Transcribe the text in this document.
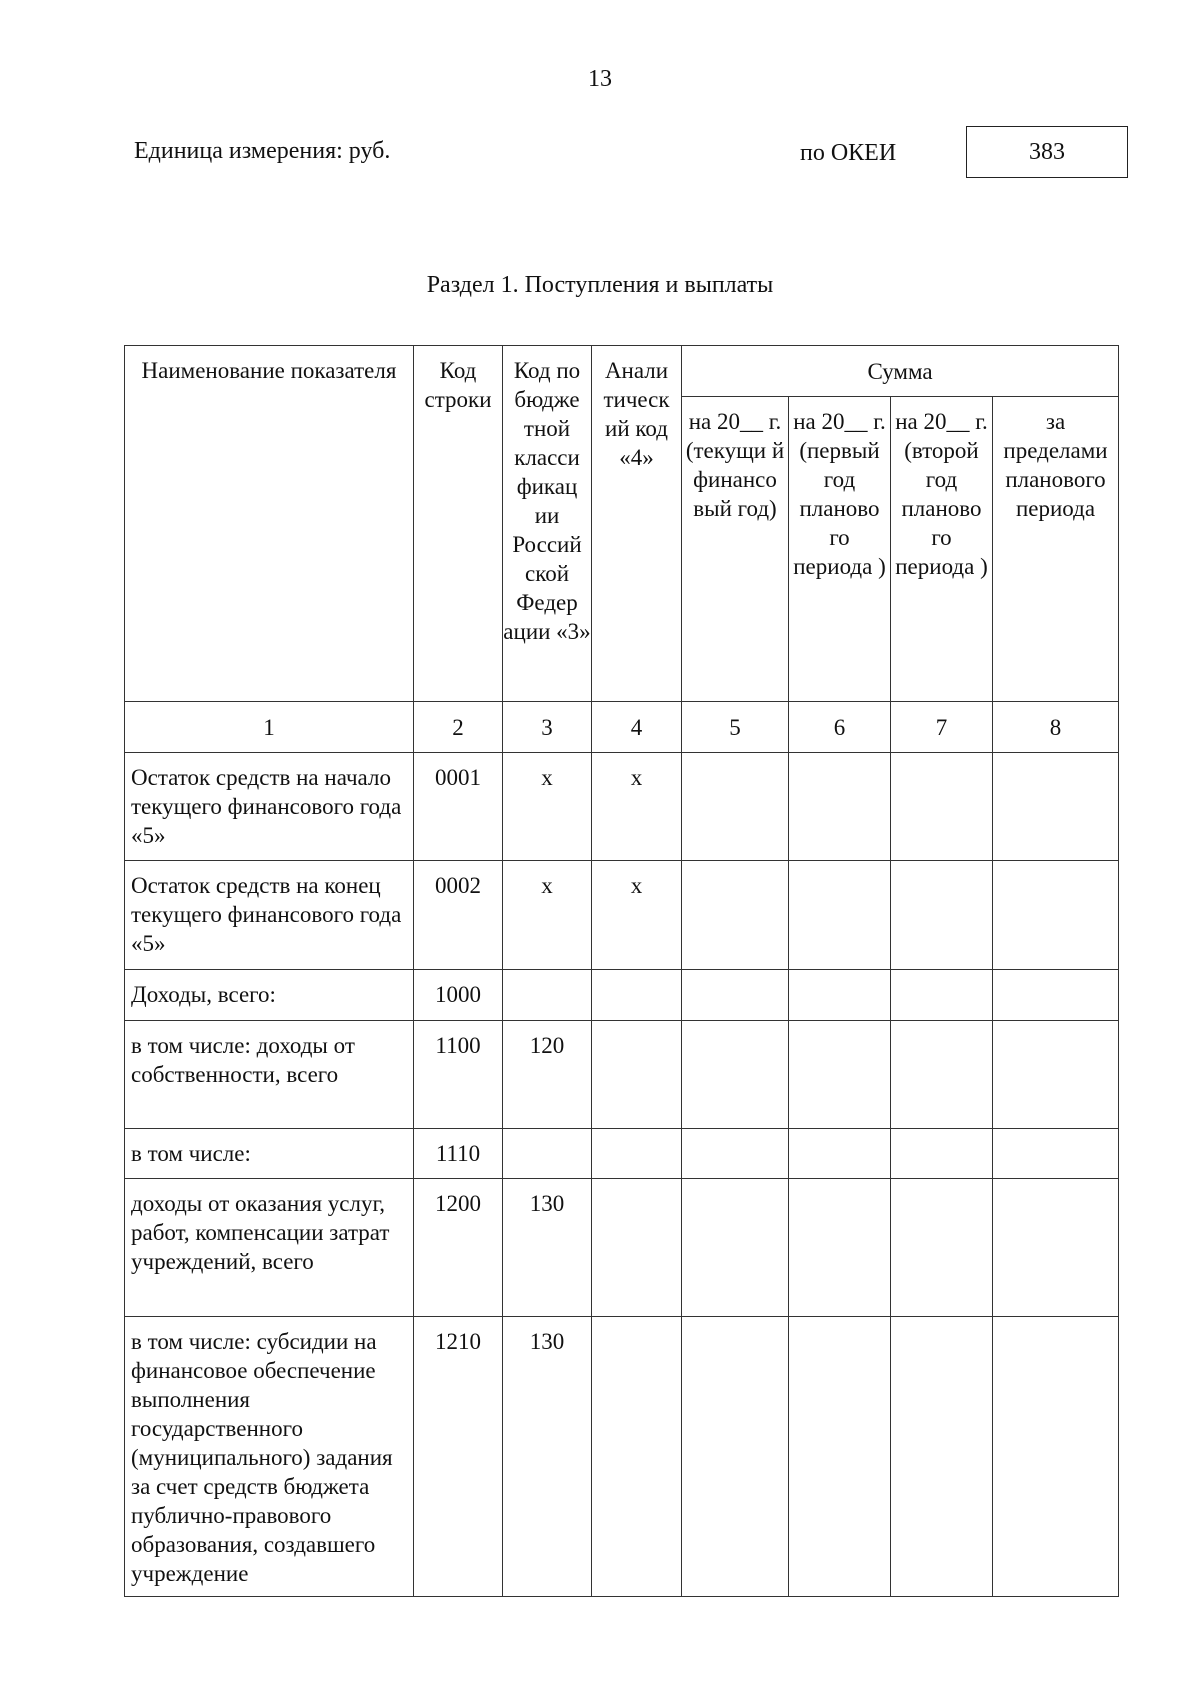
13
Единица измерения: руб.	по ОКЕИ	383
Раздел 1. Поступления и выплаты
Наименование показателя	Код строки	Код по бюдже тной класси фикац ии Россий ской Федер ации «3»	Анали тическ ий код «4»	Сумма			
				на 20__ г. (текущи й финансо вый год)	на 20__ г. (первый год планово го периода )	на 20__ г. (второй год планово го периода )	за пределами планового периода
1	2	3	4	5	6	7	8
Остаток средств на начало текущего финансового года «5»	0001	х	х				
Остаток средств на конец текущего финансового года «5»	0002	х	х				
Доходы, всего:	1000						
в том числе: доходы от собственности, всего	1100	120					
в том числе:	1110						
доходы от оказания услуг, работ, компенсации затрат учреждений, всего	1200	130					
в том числе: субсидии на финансовое обеспечение выполнения государственного (муниципального) задания за счет средств бюджета публично-правового образования, создавшего учреждение	1210	130					
